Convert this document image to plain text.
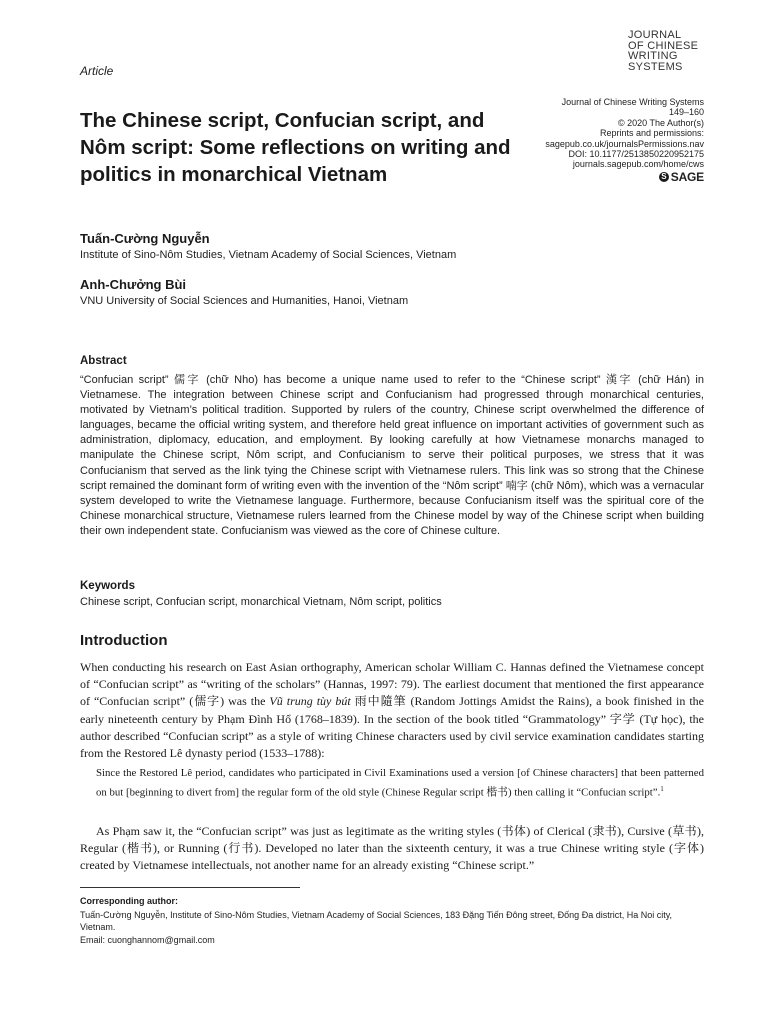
JOURNAL
OF CHINESE
WRITING
SYSTEMS
Article
Journal of Chinese Writing Systems
149–160
© 2020 The Author(s)
Reprints and permissions:
sagepub.co.uk/journalsPermissions.nav
DOI: 10.1177/2513850220952175
journals.sagepub.com/home/cws
S SAGE
The Chinese script, Confucian script, and Nôm script: Some reflections on writing and politics in monarchical Vietnam
Tuấn-Cường Nguyễn
Institute of Sino-Nôm Studies, Vietnam Academy of Social Sciences, Vietnam
Anh-Chưởng Bùi
VNU University of Social Sciences and Humanities, Hanoi, Vietnam
Abstract
“Confucian script” 儒字 (chữ Nho) has become a unique name used to refer to the “Chinese script” 漢字 (chữ Hán) in Vietnamese. The integration between Chinese script and Confucianism had progressed through monarchical centuries, motivated by Vietnam’s political tradition. Supported by rulers of the country, Chinese script overwhelmed the difference of languages, became the official writing system, and therefore held great influence on important activities of government such as administration, diplomacy, education, and employment. By looking carefully at how Vietnamese monarchs managed to manipulate the Chinese script, Nôm script, and Confucianism to serve their political purposes, we stress that it was Confucianism that served as the link tying the Chinese script with Vietnamese rulers. This link was so strong that the Chinese script remained the dominant form of writing even with the invention of the “Nôm script” 喃字 (chữ Nôm), which was a vernacular system developed to write the Vietnamese language. Furthermore, because Confucianism itself was the spiritual core of the Chinese monarchical structure, Vietnamese rulers learned from the Chinese model by way of the Chinese script when building their own independent state. Confucianism was viewed as the core of Chinese culture.
Keywords
Chinese script, Confucian script, monarchical Vietnam, Nôm script, politics
Introduction
When conducting his research on East Asian orthography, American scholar William C. Hannas defined the Vietnamese concept of “Confucian script” as “writing of the scholars” (Hannas, 1997: 79). The earliest document that mentioned the first appearance of “Confucian script” (儒字) was the Vũ trung tùy bút 雨中隨筆 (Random Jottings Amidst the Rains), a book finished in the early nineteenth century by Phạm Đình Hổ (1768–1839). In the section of the book titled “Grammatology” 字学 (Tự học), the author described “Confucian script” as a style of writing Chinese characters used by civil service examination candidates starting from the Restored Lê dynasty period (1533–1788):
Since the Restored Lê period, candidates who participated in Civil Examinations used a version [of Chinese characters] that been patterned on but [beginning to divert from] the regular form of the old style (Chinese Regular script 楷书) then calling it “Confucian script”.$^1$
As Phạm saw it, the “Confucian script” was just as legitimate as the writing styles (书体) of Clerical (隶书), Cursive (草书), Regular (楷书), or Running (行书). Developed no later than the sixteenth century, it was a true Chinese writing style (字体) created by Vietnamese intellectuals, not another name for an already existing “Chinese script.”
Corresponding author:
Tuấn-Cường Nguyễn, Institute of Sino-Nôm Studies, Vietnam Academy of Social Sciences, 183 Đặng Tiến Đông street, Đống Đa district, Ha Noi city, Vietnam.
Email: cuonghannom@gmail.com
